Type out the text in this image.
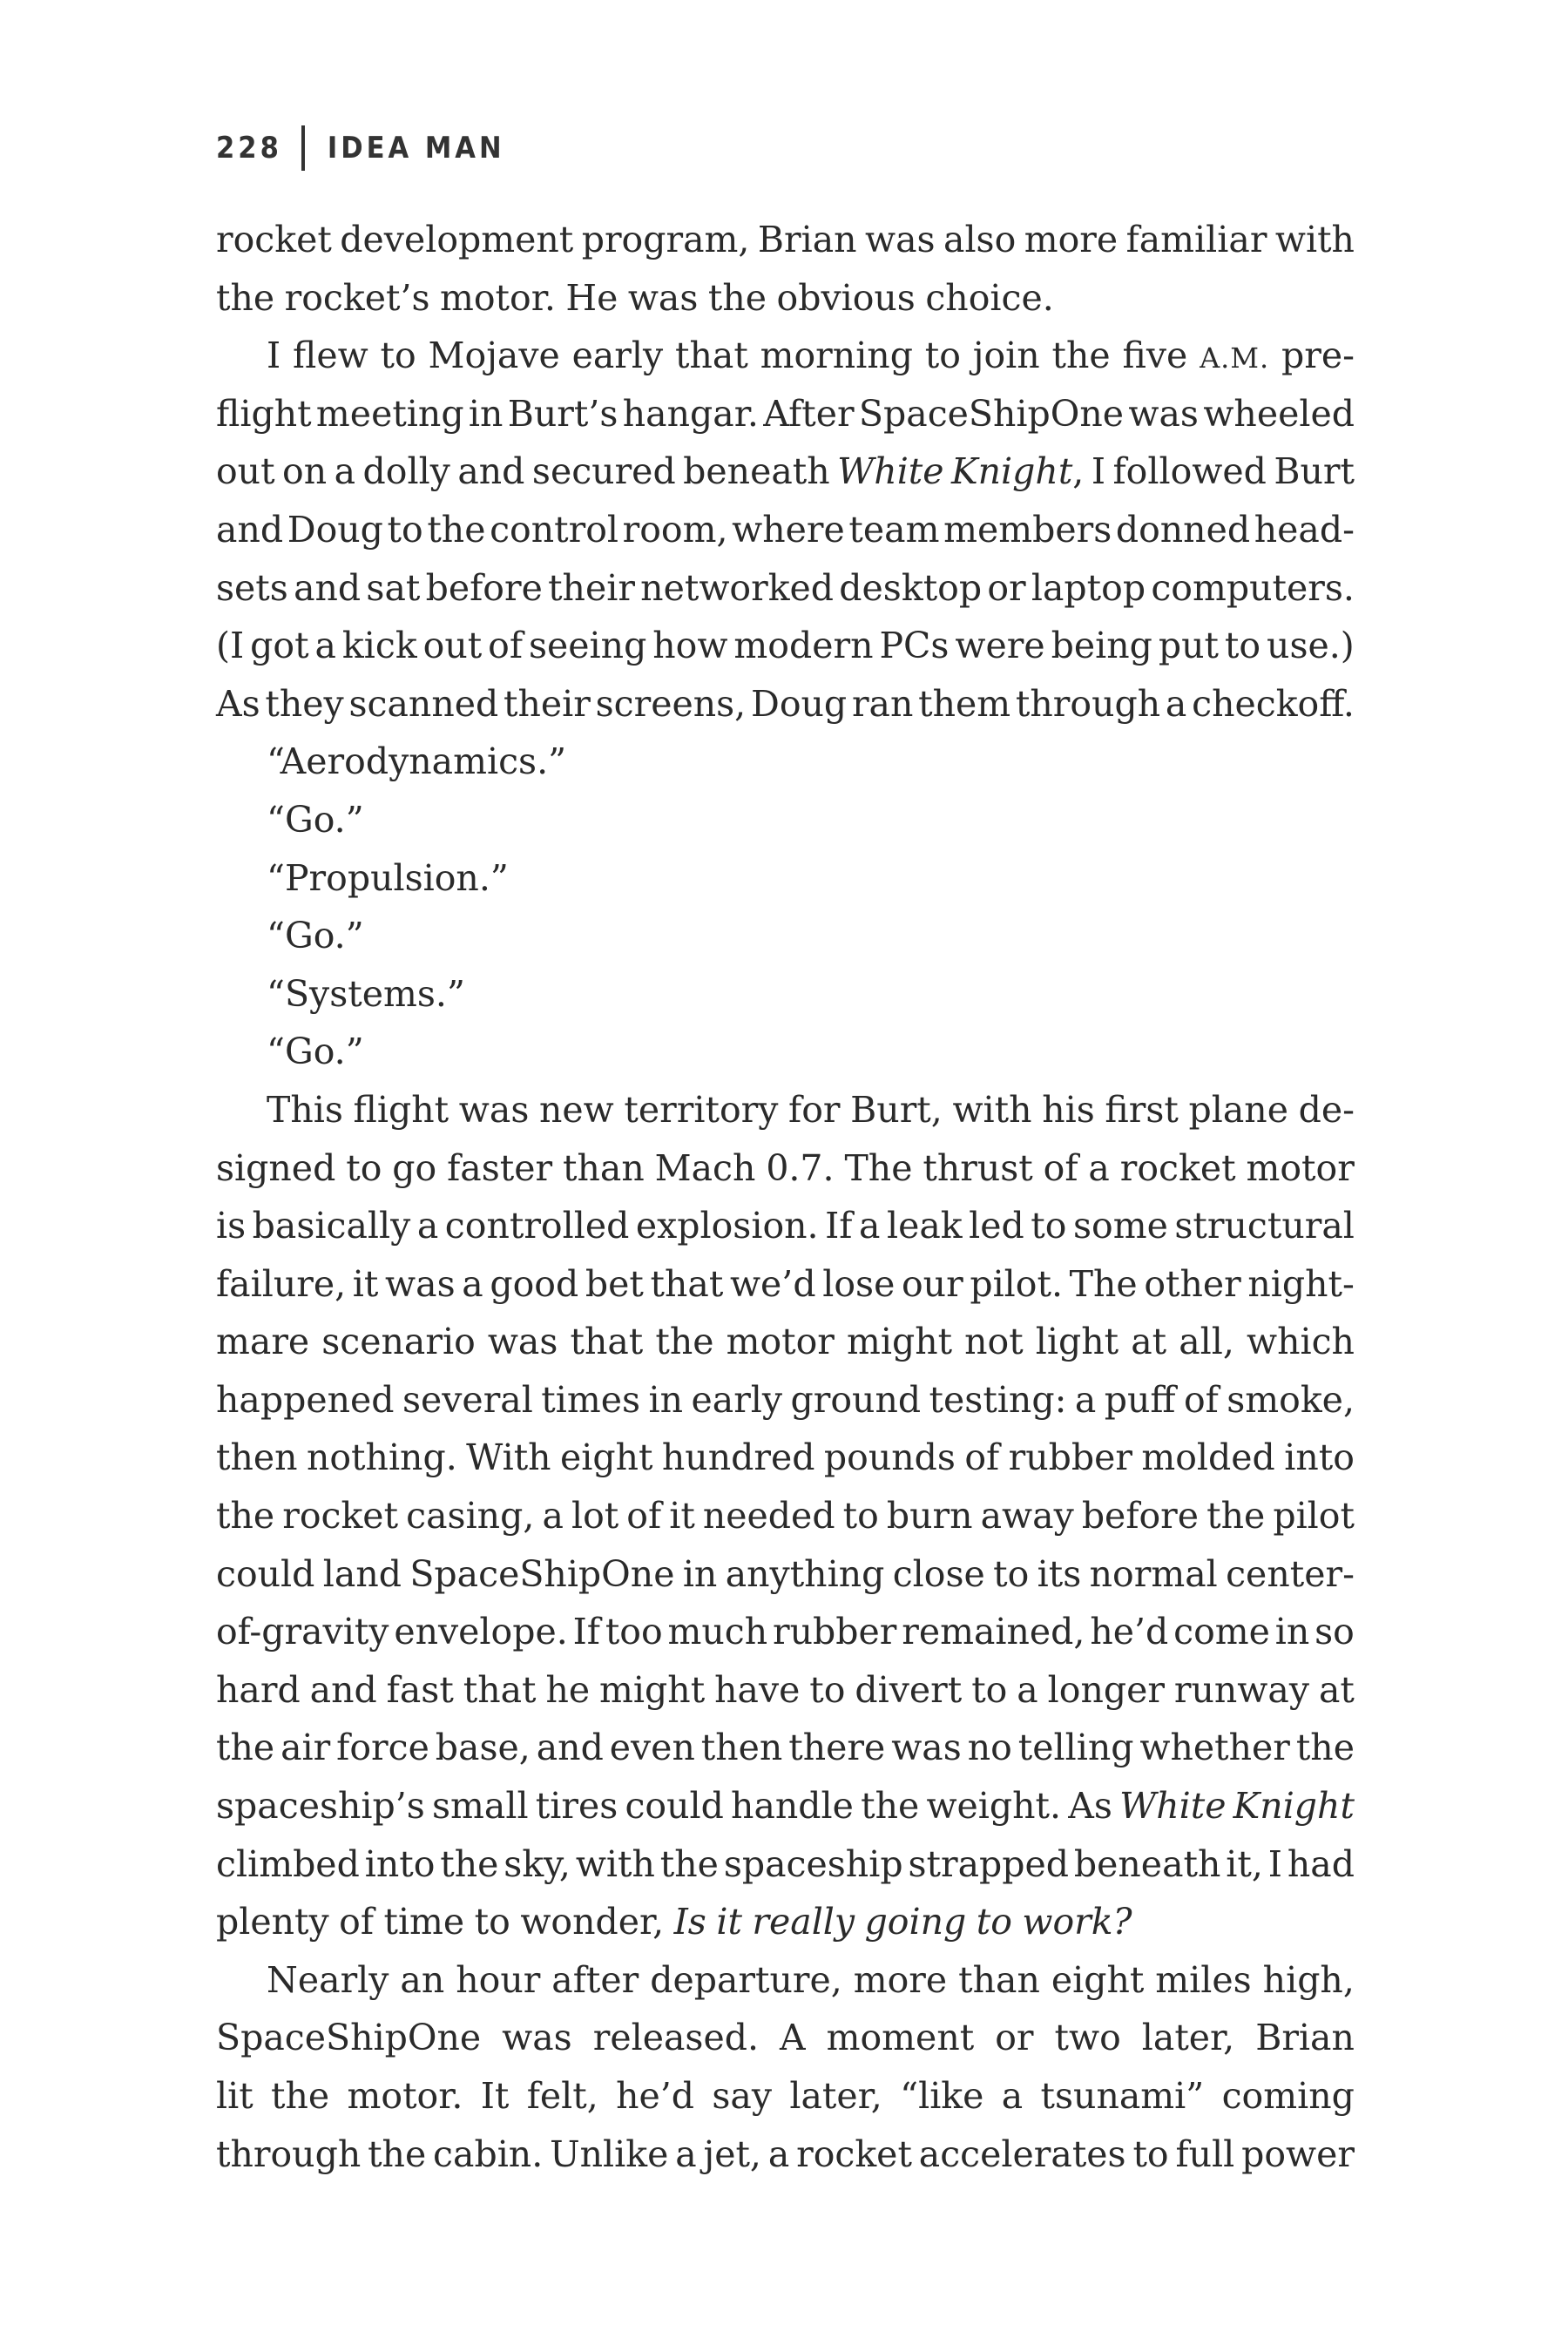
228 IDEA MAN
rocket development program, Brian was also more familiar with
the rocket’s motor. He was the obvious choice.
I flew to Mojave early that morning to join the five A.M. pre-
flight meeting in Burt’s hangar. After SpaceShipOne was wheeled
out on a dolly and secured beneath White Knight, I followed Burt
and Doug to the control room, where team members donned head-
sets and sat before their networked desktop or laptop computers.
(I got a kick out of seeing how modern PCs were being put to use.)
As they scanned their screens, Doug ran them through a checkoff.
“Aerodynamics.”
“Go.”
“Propulsion.”
“Go.”
“Systems.”
“Go.”
This flight was new territory for Burt, with his first plane de-
signed to go faster than Mach 0.7. The thrust of a rocket motor
is basically a controlled explosion. If a leak led to some structural
failure, it was a good bet that we’d lose our pilot. The other night-
mare scenario was that the motor might not light at all, which
happened several times in early ground testing: a puff of smoke,
then nothing. With eight hundred pounds of rubber molded into
the rocket casing, a lot of it needed to burn away before the pilot
could land SpaceShipOne in anything close to its normal center-
of-gravity envelope. If too much rubber remained, he’d come in so
hard and fast that he might have to divert to a longer runway at
the air force base, and even then there was no telling whether the
spaceship’s small tires could handle the weight. As White Knight
climbed into the sky, with the spaceship strapped beneath it, I had
plenty of time to wonder, Is it really going to work?
Nearly an hour after departure, more than eight miles high,
SpaceShipOne was released. A moment or two later, Brian
lit the motor. It felt, he’d say later, “like a tsunami” coming
through the cabin. Unlike a jet, a rocket accelerates to full power
